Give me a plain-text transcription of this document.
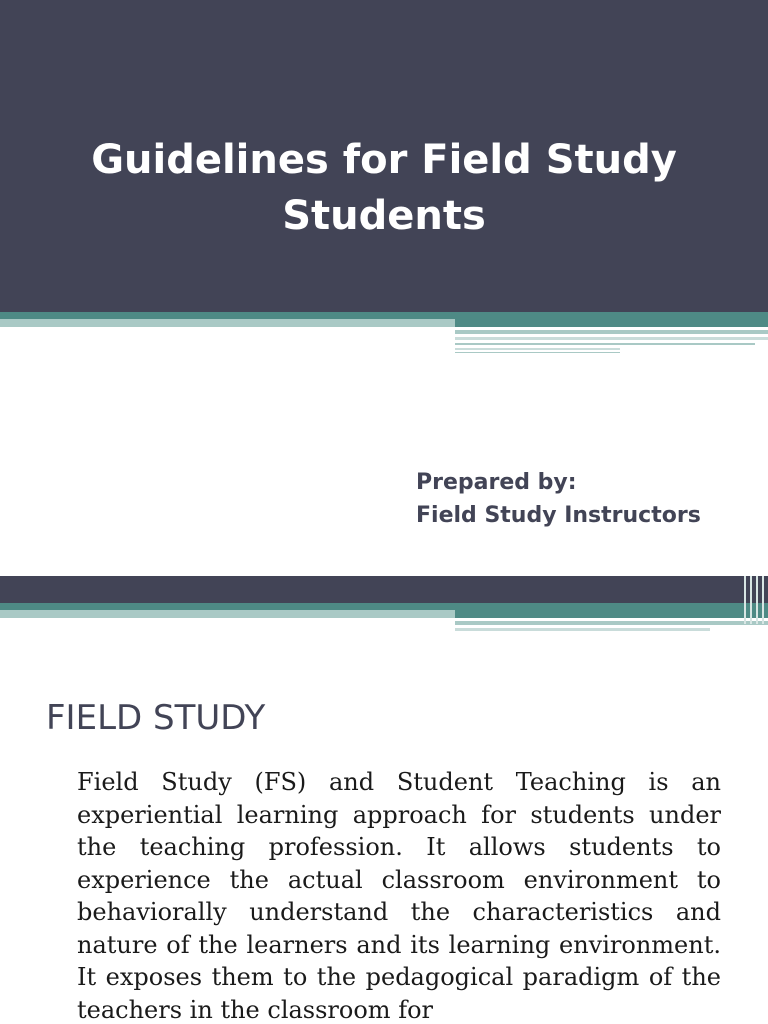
Guidelines for Field Study Students
Prepared by:
Field Study Instructors
FIELD STUDY

Field Study (FS) and Student Teaching is an experiential learning approach for students under the teaching profession. It allows students to experience the actual classroom environment to behaviorally understand the characteristics and nature of the learners and its learning environment. It exposes them to the pedagogical paradigm of the teachers in the classroom for
